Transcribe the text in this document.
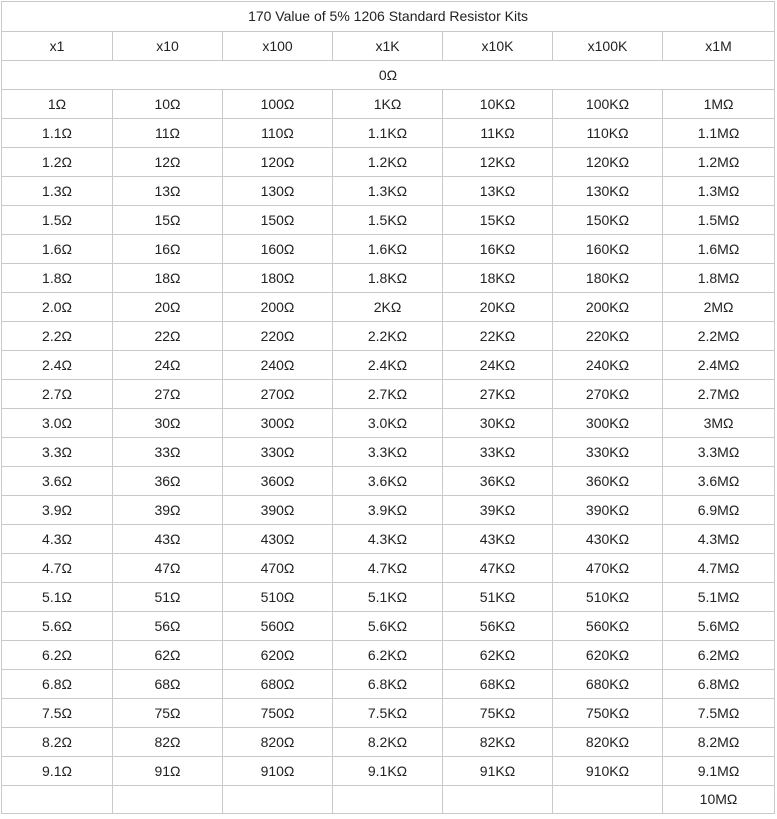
170 Value of 5% 1206 Standard Resistor Kits						
x1	x10	x100	x1K	x10K	x100K	x1M
0Ω						
1Ω	10Ω	100Ω	1KΩ	10KΩ	100KΩ	1MΩ
1.1Ω	11Ω	110Ω	1.1KΩ	11KΩ	110KΩ	1.1MΩ
1.2Ω	12Ω	120Ω	1.2KΩ	12KΩ	120KΩ	1.2MΩ
1.3Ω	13Ω	130Ω	1.3KΩ	13KΩ	130KΩ	1.3MΩ
1.5Ω	15Ω	150Ω	1.5KΩ	15KΩ	150KΩ	1.5MΩ
1.6Ω	16Ω	160Ω	1.6KΩ	16KΩ	160KΩ	1.6MΩ
1.8Ω	18Ω	180Ω	1.8KΩ	18KΩ	180KΩ	1.8MΩ
2.0Ω	20Ω	200Ω	2KΩ	20KΩ	200KΩ	2MΩ
2.2Ω	22Ω	220Ω	2.2KΩ	22KΩ	220KΩ	2.2MΩ
2.4Ω	24Ω	240Ω	2.4KΩ	24KΩ	240KΩ	2.4MΩ
2.7Ω	27Ω	270Ω	2.7KΩ	27KΩ	270KΩ	2.7MΩ
3.0Ω	30Ω	300Ω	3.0KΩ	30KΩ	300KΩ	3MΩ
3.3Ω	33Ω	330Ω	3.3KΩ	33KΩ	330KΩ	3.3MΩ
3.6Ω	36Ω	360Ω	3.6KΩ	36KΩ	360KΩ	3.6MΩ
3.9Ω	39Ω	390Ω	3.9KΩ	39KΩ	390KΩ	6.9MΩ
4.3Ω	43Ω	430Ω	4.3KΩ	43KΩ	430KΩ	4.3MΩ
4.7Ω	47Ω	470Ω	4.7KΩ	47KΩ	470KΩ	4.7MΩ
5.1Ω	51Ω	510Ω	5.1KΩ	51KΩ	510KΩ	5.1MΩ
5.6Ω	56Ω	560Ω	5.6KΩ	56KΩ	560KΩ	5.6MΩ
6.2Ω	62Ω	620Ω	6.2KΩ	62KΩ	620KΩ	6.2MΩ
6.8Ω	68Ω	680Ω	6.8KΩ	68KΩ	680KΩ	6.8MΩ
7.5Ω	75Ω	750Ω	7.5KΩ	75KΩ	750KΩ	7.5MΩ
8.2Ω	82Ω	820Ω	8.2KΩ	82KΩ	820KΩ	8.2MΩ
9.1Ω	91Ω	910Ω	9.1KΩ	91KΩ	910KΩ	9.1MΩ
						10MΩ
